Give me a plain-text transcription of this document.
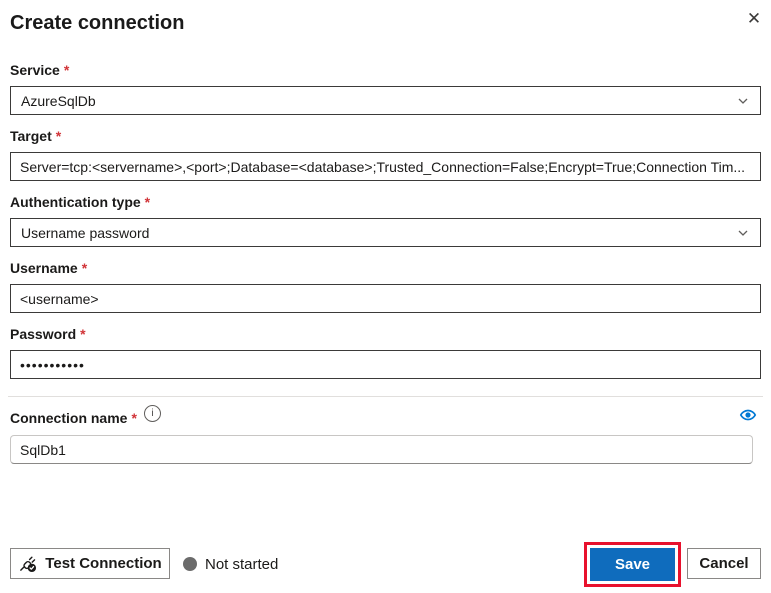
Create connection	✕
Service *
AzureSqlDb
Target *
Server=tcp:<servername>,<port>;Database=<database>;Trusted_Connection=False;Encrypt=True;Connection Tim...
Authentication type *
Username password
Username *
<username>
Password *
•••••••••••
Connection name *	i
SqlDb1
Test Connection	Not started	Save	Cancel
